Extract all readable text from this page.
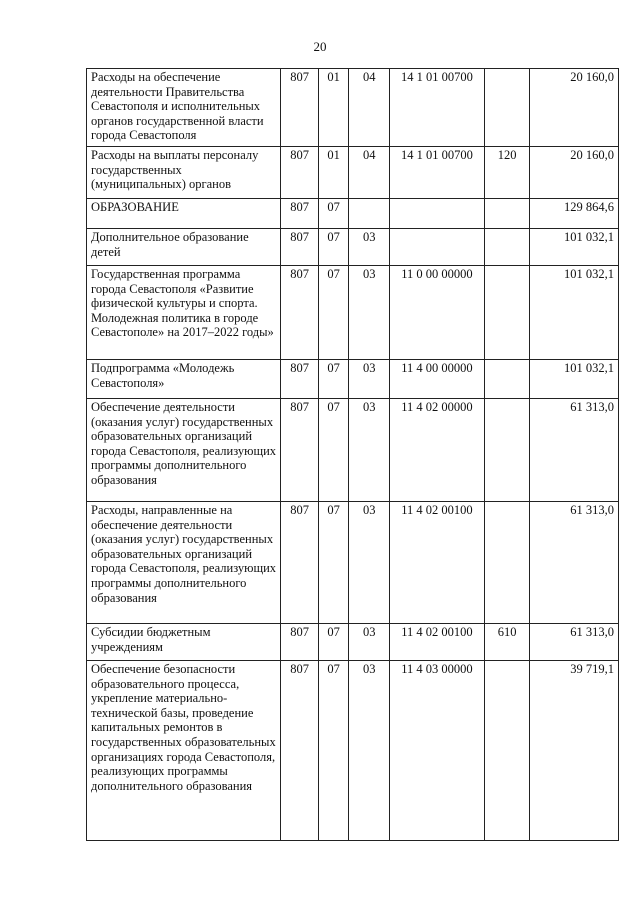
20
Расходы на обеспечение деятельности Правительства Севастополя и исполнительных органов государственной власти города Севастополя	807	01	04	14 1 01 00700		20 160,0
Расходы на выплаты персоналу государственных (муниципальных) органов	807	01	04	14 1 01 00700	120	20 160,0
ОБРАЗОВАНИЕ	807	07				129 864,6
Дополнительное образование детей	807	07	03			101 032,1
Государственная программа города Севастополя «Развитие физической культуры и спорта. Молодежная политика в городе Севастополе» на 2017–2022 годы»	807	07	03	11 0 00 00000		101 032,1
Подпрограмма «Молодежь Севастополя»	807	07	03	11 4 00 00000		101 032,1
Обеспечение деятельности (оказания услуг) государственных образовательных организаций города Севастополя, реализующих программы дополнительного образования	807	07	03	11 4 02 00000		61 313,0
Расходы, направленные на обеспечение деятельности (оказания услуг) государственных образовательных организаций города Севастополя, реализующих программы дополнительного образования	807	07	03	11 4 02 00100		61 313,0
Субсидии бюджетным учреждениям	807	07	03	11 4 02 00100	610	61 313,0
Обеспечение безопасности образовательного процесса, укрепление материально-технической базы, проведение капитальных ремонтов в государственных образовательных организациях города Севастополя, реализующих программы дополнительного образования	807	07	03	11 4 03 00000		39 719,1
